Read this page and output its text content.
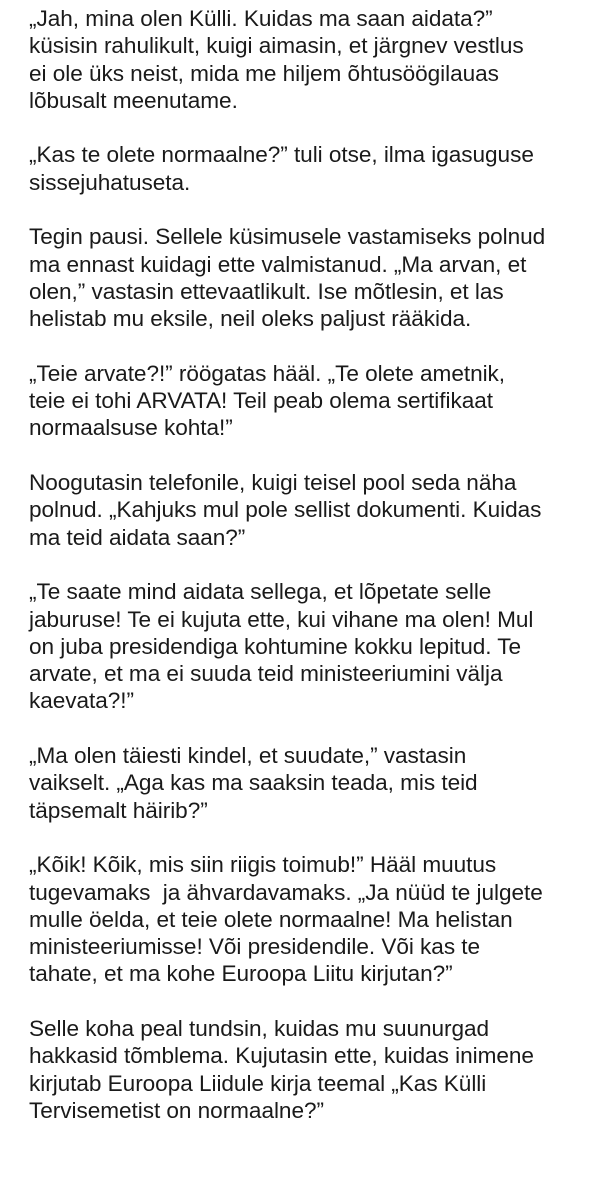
„Jah, mina olen Külli. Kuidas ma saan aidata?”
küsisin rahulikult, kuigi aimasin, et järgnev vestlus
ei ole üks neist, mida me hiljem õhtusöögilauas
lõbusalt meenutame.

„Kas te olete normaalne?” tuli otse, ilma igasuguse
sissejuhatuseta.

Tegin pausi. Sellele küsimusele vastamiseks polnud
ma ennast kuidagi ette valmistanud. „Ma arvan, et
olen,” vastasin ettevaatlikult. Ise mõtlesin, et las
helistab mu eksile, neil oleks paljust rääkida.

„Teie arvate?!” röögatas hääl. „Te olete ametnik,
teie ei tohi ARVATA! Teil peab olema sertifikaat
normaalsuse kohta!”

Noogutasin telefonile, kuigi teisel pool seda näha
polnud. „Kahjuks mul pole sellist dokumenti. Kuidas
ma teid aidata saan?”

„Te saate mind aidata sellega, et lõpetate selle
jaburuse! Te ei kujuta ette, kui vihane ma olen! Mul
on juba presidendiga kohtumine kokku lepitud. Te
arvate, et ma ei suuda teid ministeeriumini välja
kaevata?!”

„Ma olen täiesti kindel, et suudate,” vastasin
vaikselt. „Aga kas ma saaksin teada, mis teid
täpsemalt häirib?”

„Kõik! Kõik, mis siin riigis toimub!” Hääl muutus
tugevamaks  ja ähvardavamaks. „Ja nüüd te julgete
mulle öelda, et teie olete normaalne! Ma helistan
ministeeriumisse! Või presidendile. Või kas te
tahate, et ma kohe Euroopa Liitu kirjutan?”

Selle koha peal tundsin, kuidas mu suunurgad
hakkasid tõmblema. Kujutasin ette, kuidas inimene
kirjutab Euroopa Liidule kirja teemal „Kas Külli
Tervisemetist on normaalne?”
